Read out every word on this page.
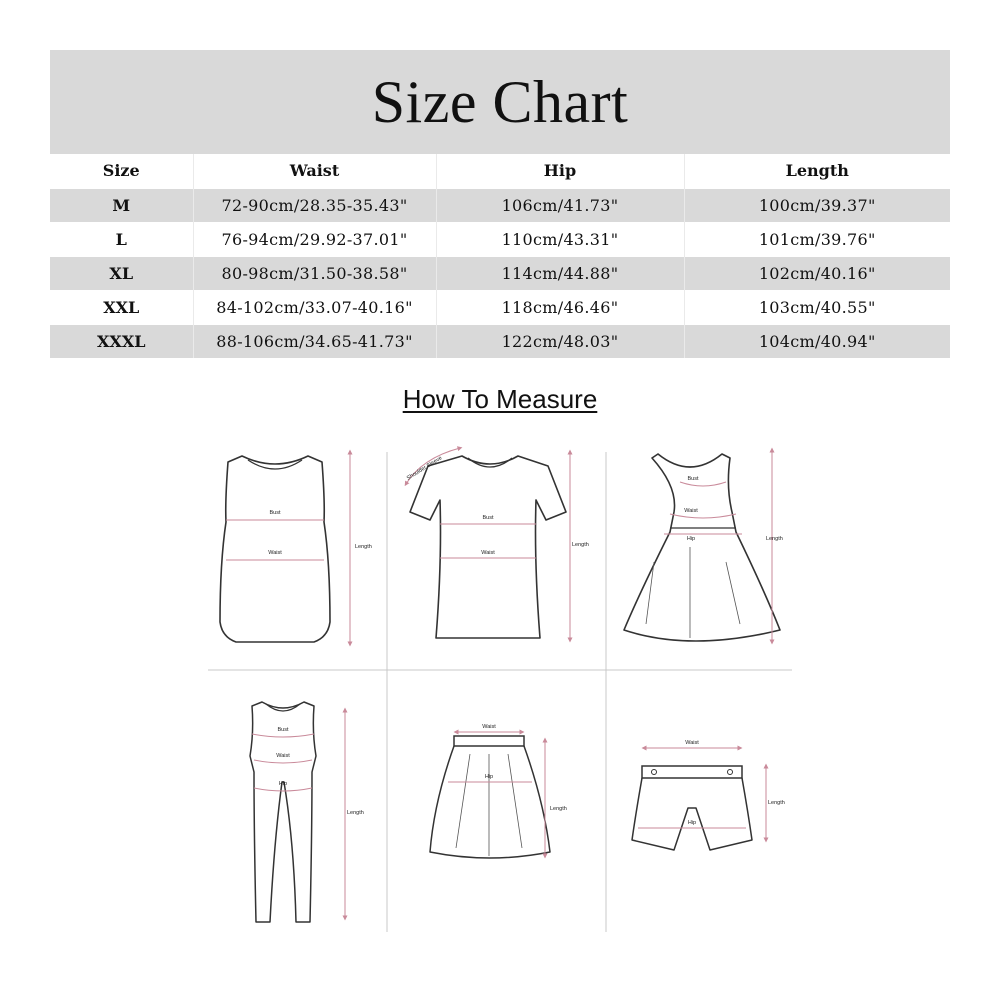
Size Chart
Size	Waist	Hip	Length
M	72-90cm/28.35-35.43"	106cm/41.73"	100cm/39.37"
L	76-94cm/29.92-37.01"	110cm/43.31"	101cm/39.76"
XL	80-98cm/31.50-38.58"	114cm/44.88"	102cm/40.16"
XXL	84-102cm/33.07-40.16"	118cm/46.46"	103cm/40.55"
XXXL	88-106cm/34.65-41.73"	122cm/48.03"	104cm/40.94"
How To Measure
Bust
Waist
Length
Bust
Waist
Shoulder Sleeve
Length
Bust
Waist
Hip	Length
Bust
Waist
Hip
Length
Waist
Hip
Length
Waist
Hip
Length
